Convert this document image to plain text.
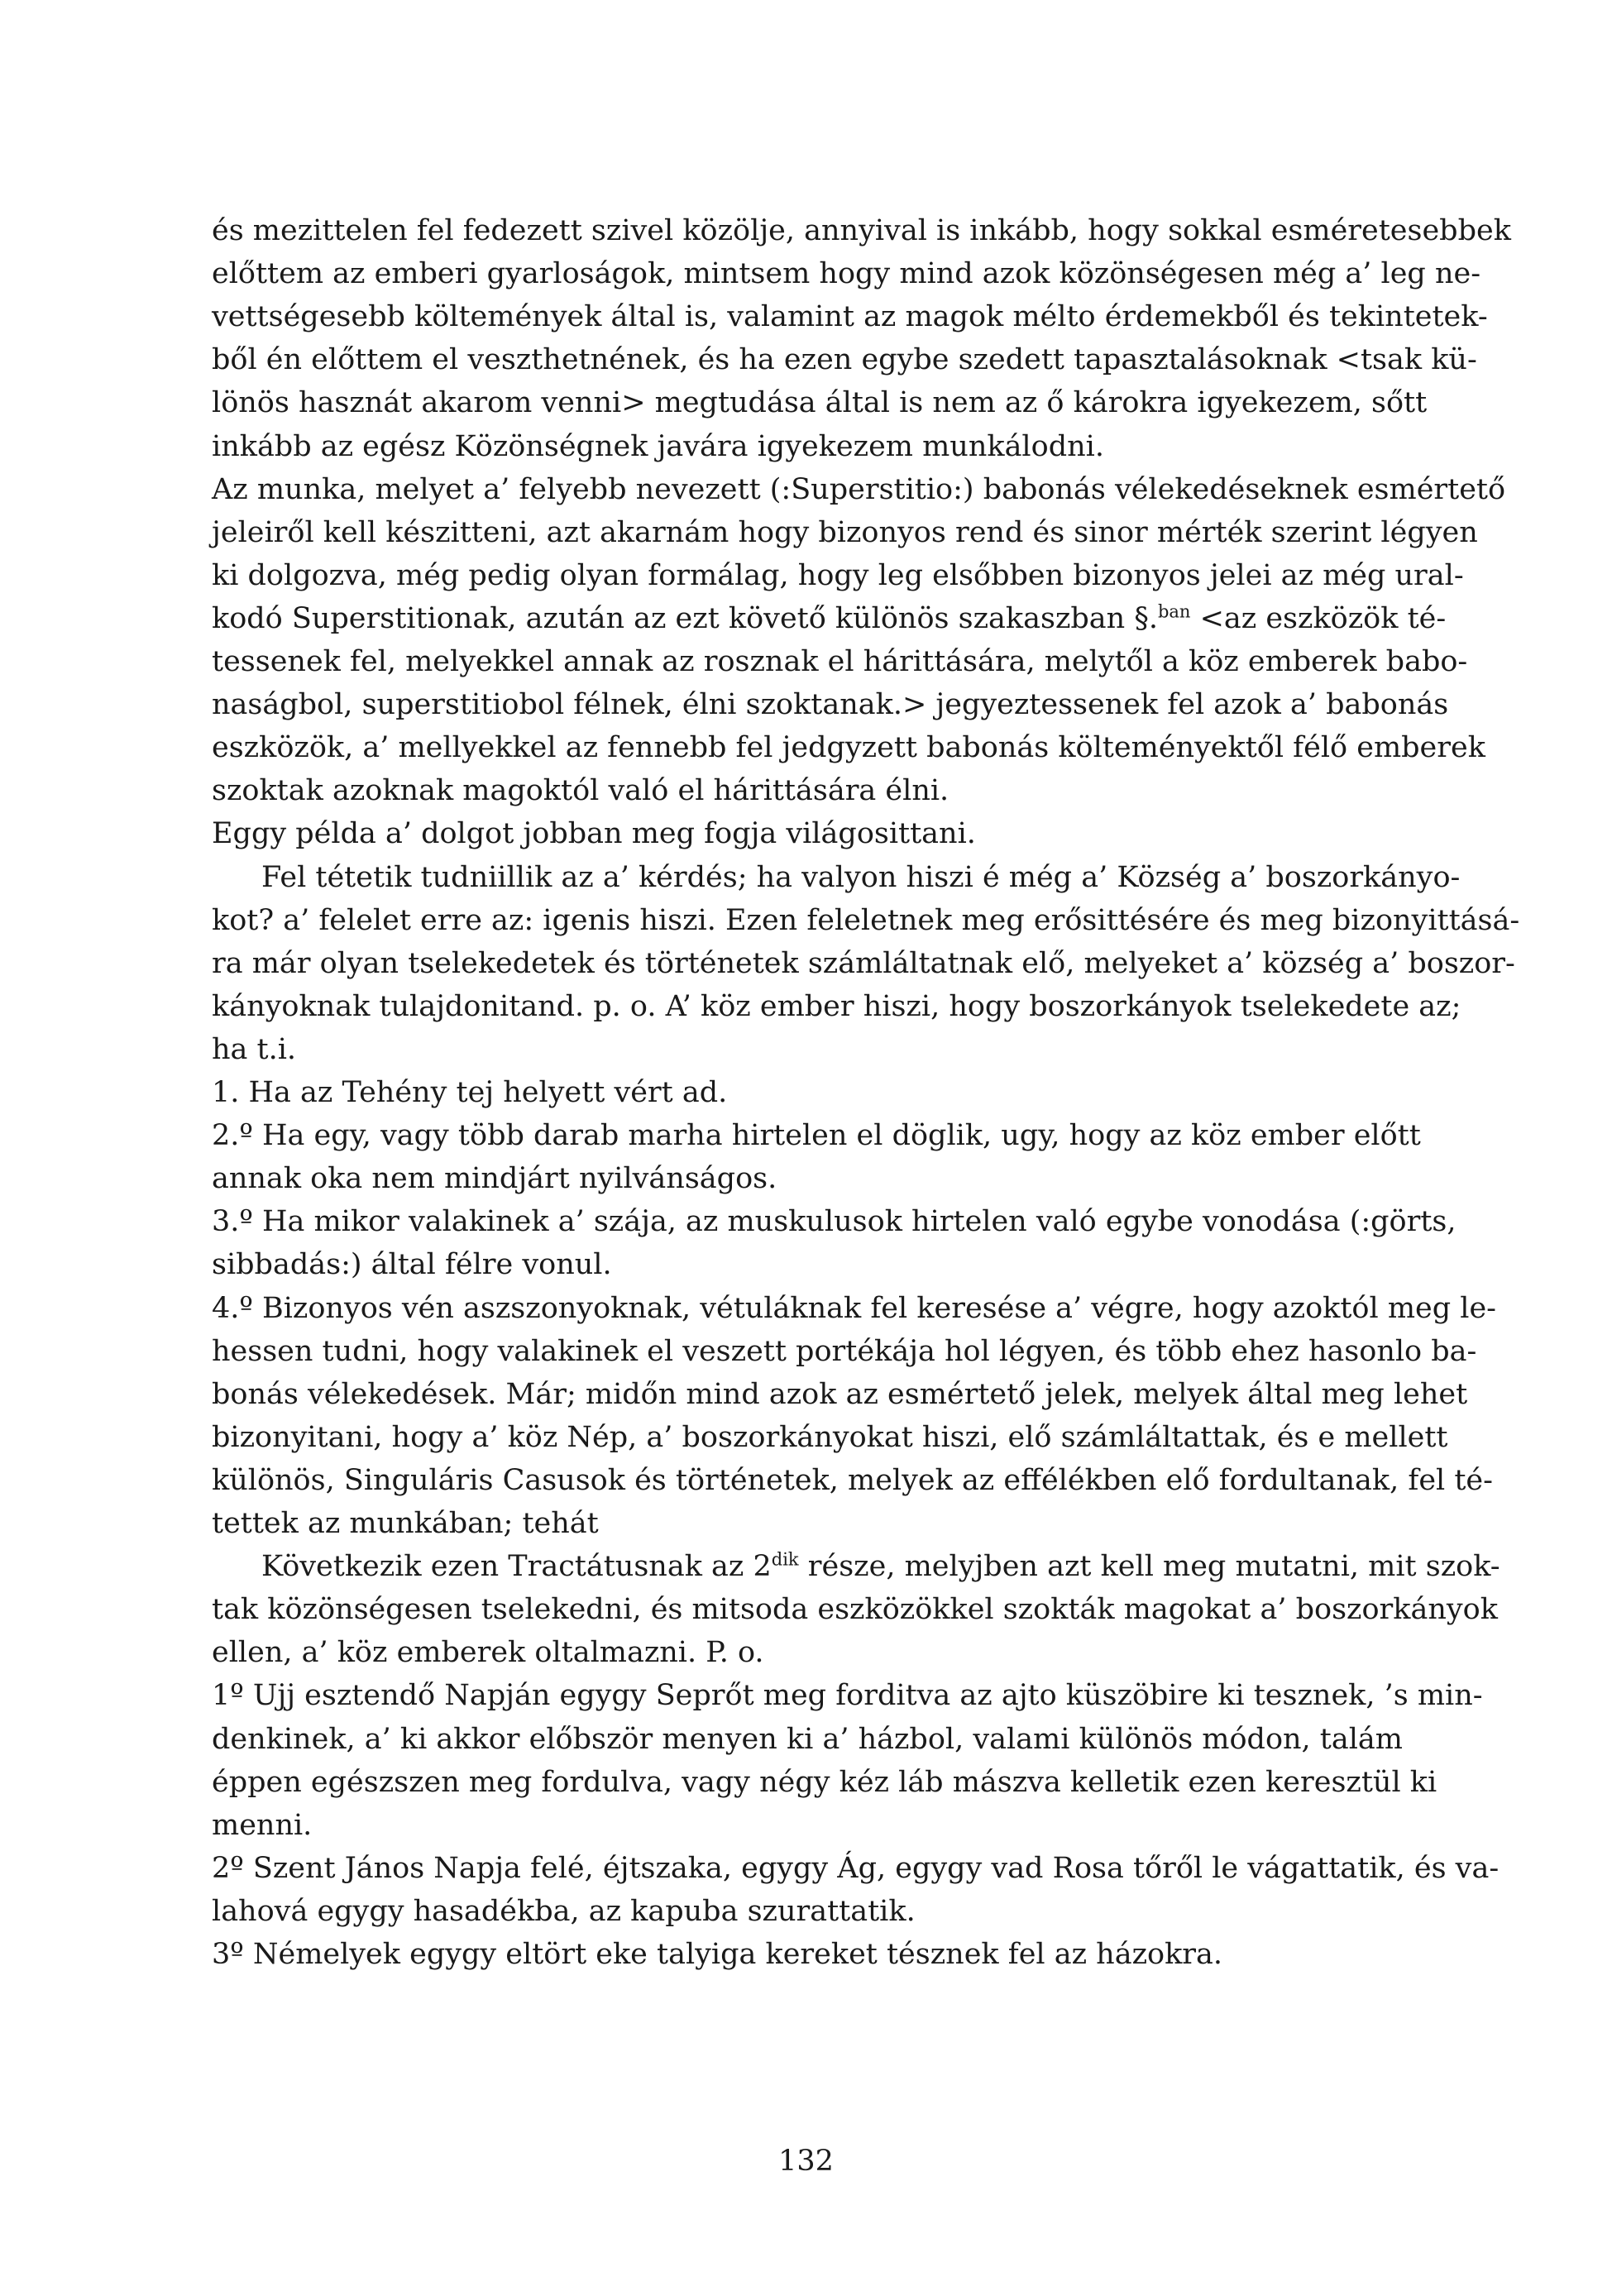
és mezittelen fel fedezett szivel közölje, annyival is inkább, hogy sokkal esméretesebbek
előttem az emberi gyarloságok, mintsem hogy mind azok közönségesen még a’ leg ne-
vettségesebb költemények által is, valamint az magok mélto érdemekből és tekintetek-
ből én előttem el veszthetnének, és ha ezen egybe szedett tapasztalásoknak <tsak kü-
lönös hasznát akarom venni> megtudása által is nem az ő károkra igyekezem, sőtt
inkább az egész Közönségnek javára igyekezem munkálodni.
Az munka, melyet a’ felyebb nevezett (:Superstitio:) babonás vélekedéseknek esmértető
jeleiről kell készitteni, azt akarnám hogy bizonyos rend és sinor mérték szerint légyen
ki dolgozva, még pedig olyan formálag, hogy leg elsőbben bizonyos jelei az még ural-
kodó Superstitionak, azután az ezt követő különös szakaszban §.$^{ban}$ <az eszközök té-
tessenek fel, melyekkel annak az rosznak el hárittására, melytől a köz emberek babo-
naságbol, superstitiobol félnek, élni szoktanak.> jegyeztessenek fel azok a’ babonás
eszközök, a’ mellyekkel az fennebb fel jedgyzett babonás költeményektől félő emberek
szoktak azoknak magoktól való el hárittására élni.
Eggy példa a’ dolgot jobban meg fogja világosittani.
Fel tétetik tudniillik az a’ kérdés; ha valyon hiszi é még a’ Község a’ boszorkányo-
kot? a’ felelet erre az: igenis hiszi. Ezen feleletnek meg erősittésére és meg bizonyittásá-
ra már olyan tselekedetek és történetek számláltatnak elő, melyeket a’ község a’ boszor-
kányoknak tulajdonitand. p. o. A’ köz ember hiszi, hogy boszorkányok tselekedete az;
ha t.i.
1. Ha az Tehény tej helyett vért ad.
2.º Ha egy, vagy több darab marha hirtelen el döglik, ugy, hogy az köz ember előtt
annak oka nem mindjárt nyilvánságos.
3.º Ha mikor valakinek a’ szája, az muskulusok hirtelen való egybe vonodása (:görts,
sibbadás:) által félre vonul.
4.º Bizonyos vén aszszonyoknak, vétuláknak fel keresése a’ végre, hogy azoktól meg le-
hessen tudni, hogy valakinek el veszett portékája hol légyen, és több ehez hasonlo ba-
bonás vélekedések. Már; midőn mind azok az esmértető jelek, melyek által meg lehet
bizonyitani, hogy a’ köz Nép, a’ boszorkányokat hiszi, elő számláltattak, és e mellett
különös, Singuláris Casusok és történetek, melyek az effélékben elő fordultanak, fel té-
tettek az munkában; tehát
Következik ezen Tractátusnak az $2^{dik}$ része, melyjben azt kell meg mutatni, mit szok-
tak közönségesen tselekedni, és mitsoda eszközökkel szokták magokat a’ boszorkányok
ellen, a’ köz emberek oltalmazni. P. o.
1º Ujj esztendő Napján egygy Seprőt meg forditva az ajto küszöbire ki tesznek, ’s min-
denkinek, a’ ki akkor előbször menyen ki a’ házbol, valami különös módon, talám
éppen egészszen meg fordulva, vagy négy kéz láb mászva kelletik ezen keresztül ki
menni.
2º Szent János Napja felé, éjtszaka, egygy Ág, egygy vad Rosa tőről le vágattatik, és va-
lahová egygy hasadékba, az kapuba szurattatik.
3º Némelyek egygy eltört eke talyiga kereket tésznek fel az házokra.
132
